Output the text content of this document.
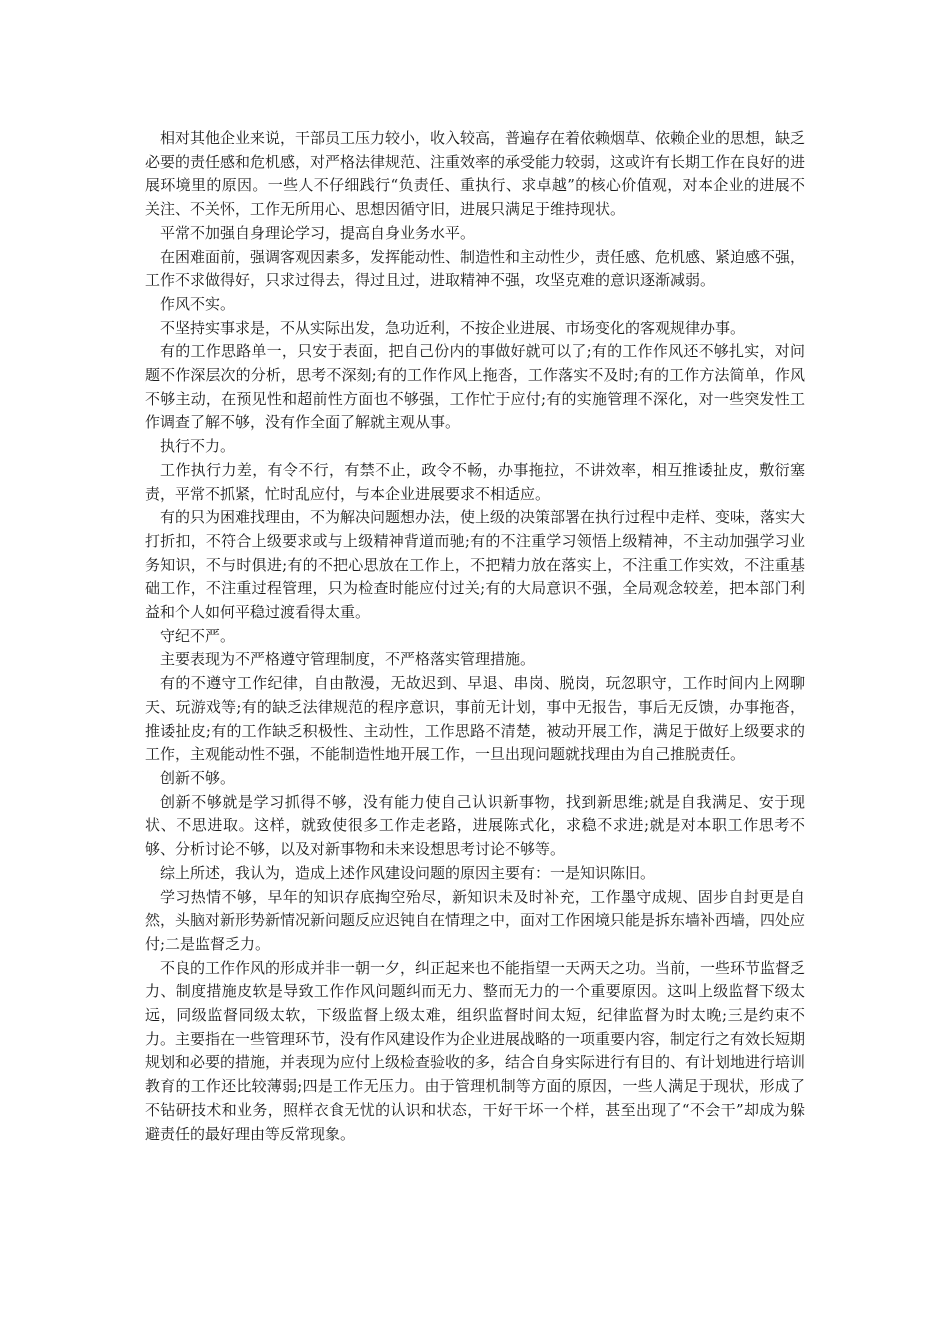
相对其他企业来说，干部员工压力较小，收入较高，普遍存在着依赖烟草、依赖企业的思想，缺乏必要的责任感和危机感，对严格法律规范、注重效率的承受能力较弱，这或许有长期工作在良好的进展环境里的原因。一些人不仔细践行“负责任、重执行、求卓越”的核心价值观，对本企业的进展不关注、不关怀，工作无所用心、思想因循守旧，进展只满足于维持现状。

平常不加强自身理论学习，提高自身业务水平。

在困难面前，强调客观因素多，发挥能动性、制造性和主动性少，责任感、危机感、紧迫感不强，工作不求做得好，只求过得去，得过且过，进取精神不强，攻坚克难的意识逐渐减弱。

作风不实。

不坚持实事求是，不从实际出发，急功近利，不按企业进展、市场变化的客观规律办事。

有的工作思路单一，只安于表面，把自己份内的事做好就可以了;有的工作作风还不够扎实，对问题不作深层次的分析，思考不深刻;有的工作作风上拖沓，工作落实不及时;有的工作方法简单，作风不够主动，在预见性和超前性方面也不够强，工作忙于应付;有的实施管理不深化，对一些突发性工作调查了解不够，没有作全面了解就主观从事。

执行不力。

工作执行力差，有令不行，有禁不止，政令不畅，办事拖拉，不讲效率，相互推诿扯皮，敷衍塞责，平常不抓紧，忙时乱应付，与本企业进展要求不相适应。

有的只为困难找理由，不为解决问题想办法，使上级的决策部署在执行过程中走样、变味，落实大打折扣，不符合上级要求或与上级精神背道而驰;有的不注重学习领悟上级精神，不主动加强学习业务知识，不与时俱进;有的不把心思放在工作上，不把精力放在落实上，不注重工作实效，不注重基础工作，不注重过程管理，只为检查时能应付过关;有的大局意识不强，全局观念较差，把本部门利益和个人如何平稳过渡看得太重。

守纪不严。

主要表现为不严格遵守管理制度，不严格落实管理措施。

有的不遵守工作纪律，自由散漫，无故迟到、早退、串岗、脱岗，玩忽职守，工作时间内上网聊天、玩游戏等;有的缺乏法律规范的程序意识，事前无计划，事中无报告，事后无反馈，办事拖沓，推诿扯皮;有的工作缺乏积极性、主动性，工作思路不清楚，被动开展工作，满足于做好上级要求的工作，主观能动性不强，不能制造性地开展工作，一旦出现问题就找理由为自己推脱责任。

创新不够。

创新不够就是学习抓得不够，没有能力使自己认识新事物，找到新思维;就是自我满足、安于现状、不思进取。这样，就致使很多工作走老路，进展陈式化，求稳不求进;就是对本职工作思考不够、分析讨论不够，以及对新事物和未来设想思考讨论不够等。

综上所述，我认为，造成上述作风建设问题的原因主要有：一是知识陈旧。

学习热情不够，早年的知识存底掏空殆尽，新知识未及时补充，工作墨守成规、固步自封更是自然，头脑对新形势新情况新问题反应迟钝自在情理之中，面对工作困境只能是拆东墙补西墙，四处应付;二是监督乏力。

不良的工作作风的形成并非一朝一夕，纠正起来也不能指望一天两天之功。当前，一些环节监督乏力、制度措施皮软是导致工作作风问题纠而无力、整而无力的一个重要原因。这叫上级监督下级太远，同级监督同级太软，下级监督上级太难，组织监督时间太短，纪律监督为时太晚;三是约束不力。主要指在一些管理环节，没有作风建设作为企业进展战略的一项重要内容，制定行之有效长短期规划和必要的措施，并表现为应付上级检查验收的多，结合自身实际进行有目的、有计划地进行培训教育的工作还比较薄弱;四是工作无压力。由于管理机制等方面的原因，一些人满足于现状，形成了不钻研技术和业务，照样衣食无忧的认识和状态，干好干坏一个样，甚至出现了“不会干”却成为躲避责任的最好理由等反常现象。
